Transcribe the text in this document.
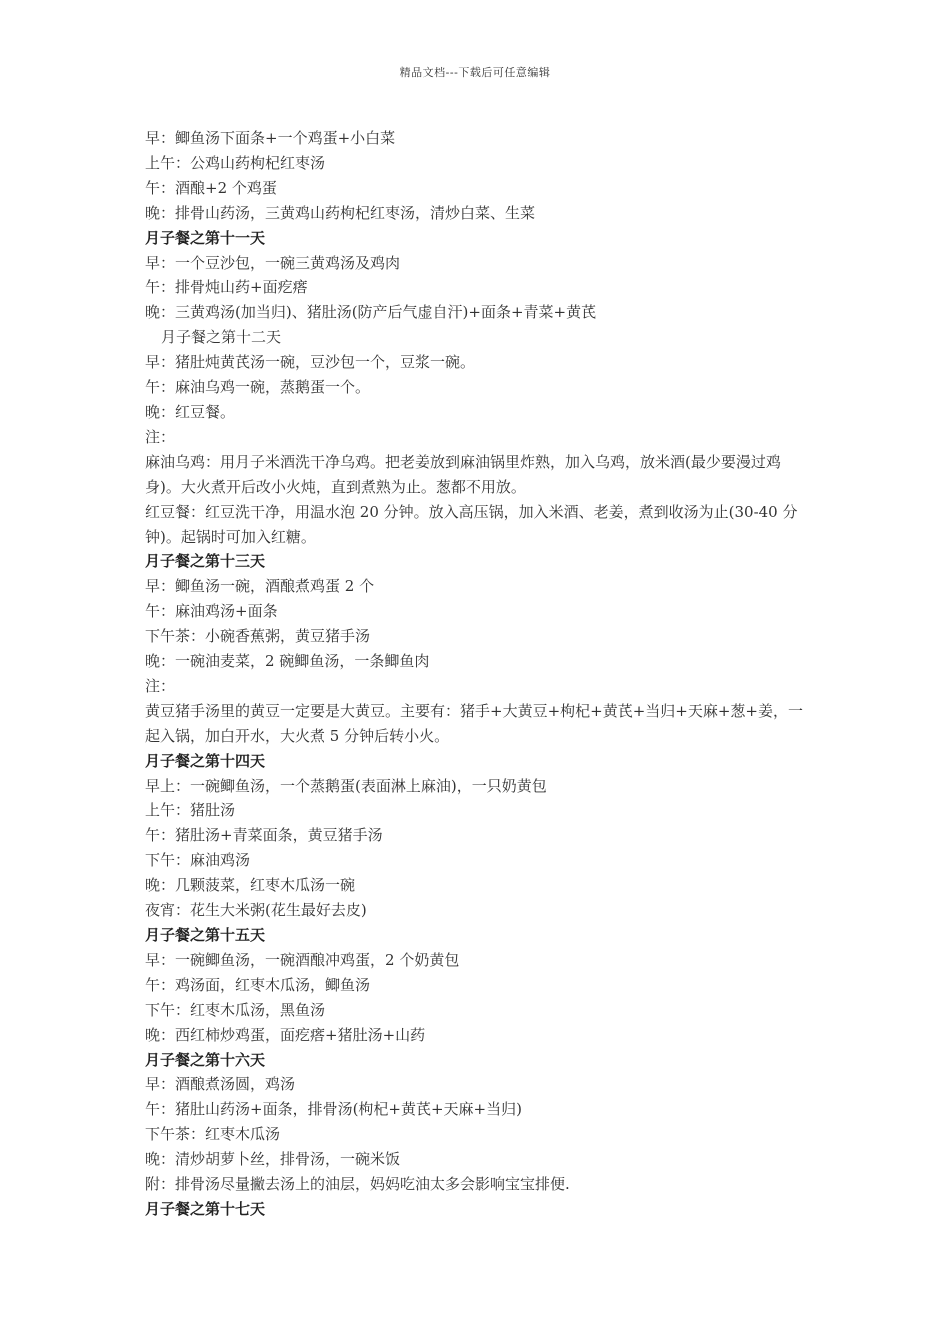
精品文档---下载后可任意编辑

早：鲫鱼汤下面条+一个鸡蛋+小白菜

上午：公鸡山药枸杞红枣汤

午：酒酿+2 个鸡蛋

晚：排骨山药汤，三黄鸡山药枸杞红枣汤，清炒白菜、生菜

月子餐之第十一天

早：一个豆沙包，一碗三黄鸡汤及鸡肉

午：排骨炖山药+面疙瘩

晚：三黄鸡汤(加当归)、猪肚汤(防产后气虚自汗)+面条+青菜+黄芪

月子餐之第十二天

早：猪肚炖黄芪汤一碗，豆沙包一个，豆浆一碗。

午：麻油乌鸡一碗，蒸鹅蛋一个。

晚：红豆餐。

注：

麻油乌鸡：用月子米酒洗干净乌鸡。把老姜放到麻油锅里炸熟，加入乌鸡，放米酒(最少要漫过鸡身)。大火煮开后改小火炖，直到煮熟为止。葱都不用放。

红豆餐：红豆洗干净，用温水泡 20 分钟。放入高压锅，加入米酒、老姜，煮到收汤为止(30-40 分钟)。起锅时可加入红糖。

月子餐之第十三天

早：鲫鱼汤一碗，酒酿煮鸡蛋 2 个

午：麻油鸡汤+面条

下午茶：小碗香蕉粥，黄豆猪手汤

晚：一碗油麦菜，2 碗鲫鱼汤，一条鲫鱼肉

注：

黄豆猪手汤里的黄豆一定要是大黄豆。主要有：猪手+大黄豆+枸杞+黄芪+当归+天麻+葱+姜，一起入锅，加白开水，大火煮 5 分钟后转小火。

月子餐之第十四天

早上：一碗鲫鱼汤，一个蒸鹅蛋(表面淋上麻油)，一只奶黄包

上午：猪肚汤

午：猪肚汤+青菜面条，黄豆猪手汤

下午：麻油鸡汤

晚：几颗菠菜，红枣木瓜汤一碗

夜宵：花生大米粥(花生最好去皮)

月子餐之第十五天

早：一碗鲫鱼汤，一碗酒酿冲鸡蛋，2 个奶黄包

午：鸡汤面，红枣木瓜汤，鲫鱼汤

下午：红枣木瓜汤，黑鱼汤

晚：西红柿炒鸡蛋，面疙瘩+猪肚汤+山药

月子餐之第十六天

早：酒酿煮汤圆，鸡汤

午：猪肚山药汤+面条，排骨汤(枸杞+黄芪+天麻+当归)

下午茶：红枣木瓜汤

晚：清炒胡萝卜丝，排骨汤，一碗米饭

附：排骨汤尽量撇去汤上的油层，妈妈吃油太多会影响宝宝排便.

月子餐之第十七天
